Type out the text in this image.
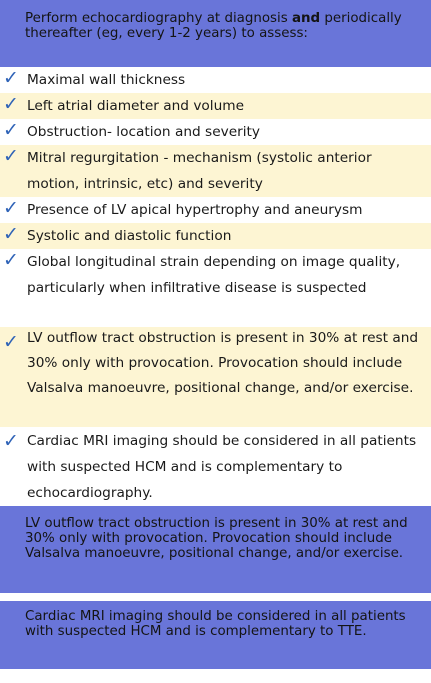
Perform echocardiography at diagnosis and periodically thereafter (eg, every 1-2 years) to assess:

✓ Maximal wall thickness

✓ Left atrial diameter and volume

✓ Obstruction- location and severity

✓ Mitral regurgitation - mechanism (systolic anterior motion, intrinsic, etc) and severity

✓ Presence of LV apical hypertrophy and aneurysm

✓ Systolic and diastolic function

✓ Global longitudinal strain depending on image quality, particularly when infiltrative disease is suspected

✓ LV outflow tract obstruction is present in 30% at rest and 30% only with provocation. Provocation should include Valsalva manoeuvre, positional change, and/or exercise.

✓ Cardiac MRI imaging should be considered in all patients with suspected HCM and is complementary to echocardiography.

LV outflow tract obstruction is present in 30% at rest and 30% only with provocation. Provocation should include Valsalva manoeuvre, positional change, and/or exercise.

Cardiac MRI imaging should be considered in all patients with suspected HCM and is complementary to TTE.
